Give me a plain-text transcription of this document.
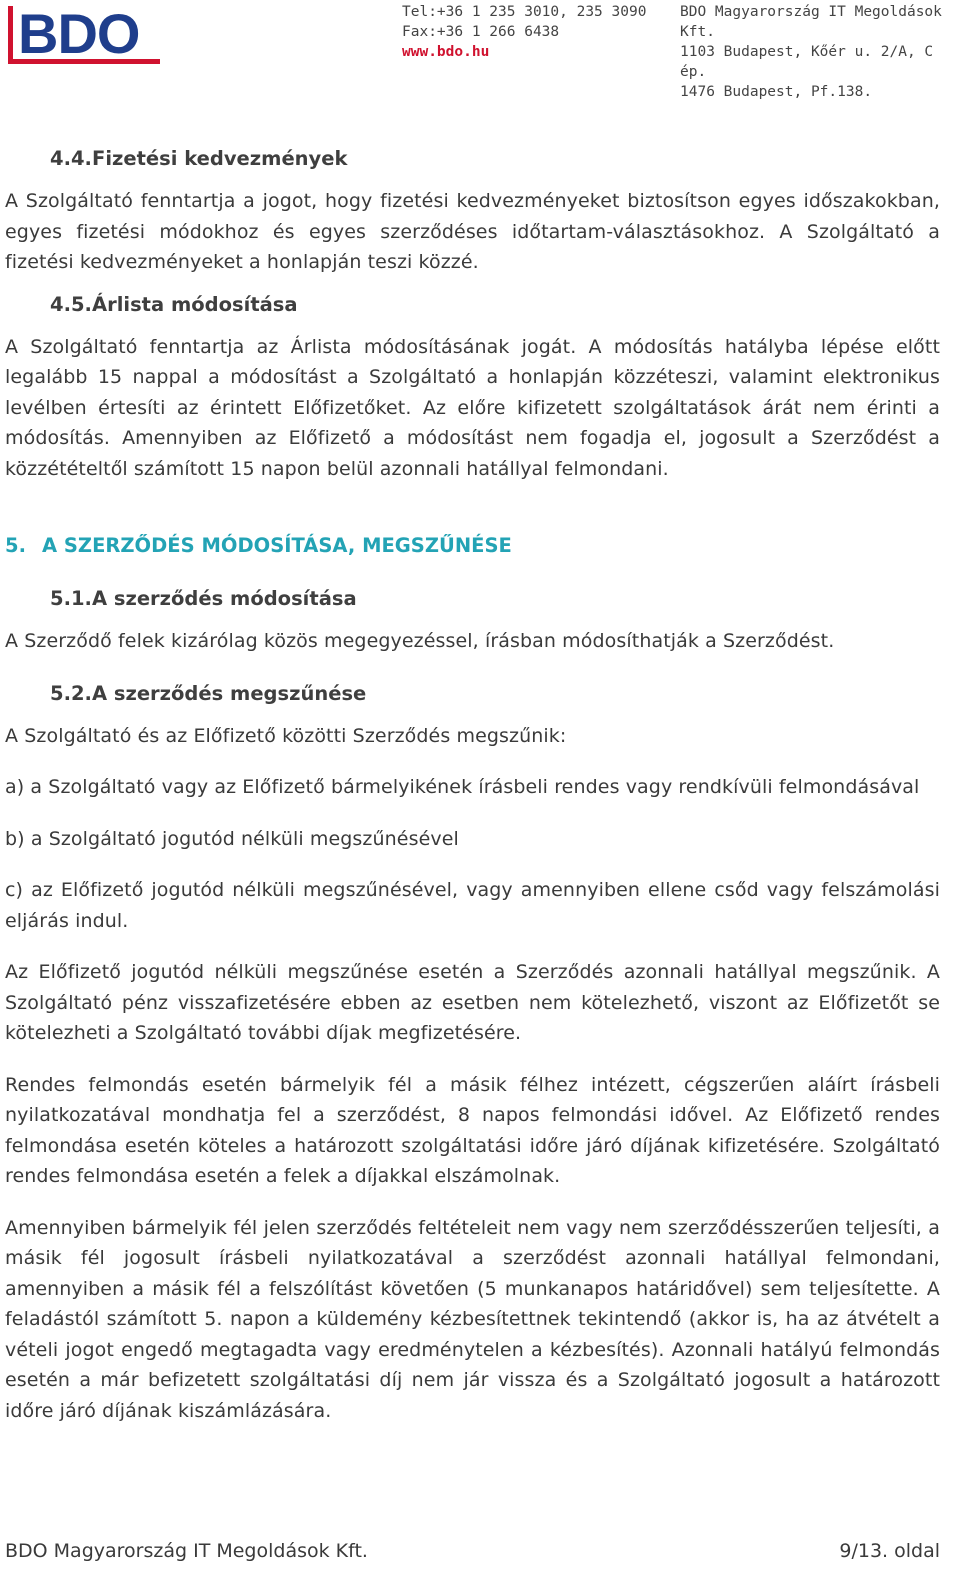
BDO	Tel:+36 1 235 3010, 235 3090
Fax:+36 1 266 6438
www.bdo.hu
BDO Magyarország IT Megoldások Kft.
1103 Budapest, Kőér u. 2/A, C ép.
1476 Budapest, Pf.138.
4.4.Fizetési kedvezmények

A Szolgáltató fenntartja a jogot, hogy fizetési kedvezményeket biztosítson egyes időszakokban, egyes fizetési módokhoz és egyes szerződéses időtartam-választásokhoz. A Szolgáltató a fizetési kedvezményeket a honlapján teszi közzé.

4.5.Árlista módosítása

A Szolgáltató fenntartja az Árlista módosításának jogát. A módosítás hatályba lépése előtt legalább 15 nappal a módosítást a Szolgáltató a honlapján közzéteszi, valamint elektronikus levélben értesíti az érintett Előfizetőket. Az előre kifizetett szolgáltatások árát nem érinti a módosítás. Amennyiben az Előfizető a módosítást nem fogadja el, jogosult a Szerződést a közzétételtől számított 15 napon belül azonnali hatállyal felmondani.

5. A SZERZŐDÉS MÓDOSÍTÁSA, MEGSZŰNÉSE
5.1.A szerződés módosítása

A Szerződő felek kizárólag közös megegyezéssel, írásban módosíthatják a Szerződést.

5.2.A szerződés megszűnése

A Szolgáltató és az Előfizető közötti Szerződés megszűnik:

a) a Szolgáltató vagy az Előfizető bármelyikének írásbeli rendes vagy rendkívüli felmondásával

b) a Szolgáltató jogutód nélküli megszűnésével

c) az Előfizető jogutód nélküli megszűnésével, vagy amennyiben ellene csőd vagy felszámolási eljárás indul.

Az Előfizető jogutód nélküli megszűnése esetén a Szerződés azonnali hatállyal megszűnik. A Szolgáltató pénz visszafizetésére ebben az esetben nem kötelezhető, viszont az Előfizetőt se kötelezheti a Szolgáltató további díjak megfizetésére.

Rendes felmondás esetén bármelyik fél a másik félhez intézett, cégszerűen aláírt írásbeli nyilatkozatával mondhatja fel a szerződést, 8 napos felmondási idővel. Az Előfizető rendes felmondása esetén köteles a határozott szolgáltatási időre járó díjának kifizetésére. Szolgáltató rendes felmondása esetén a felek a díjakkal elszámolnak.

Amennyiben bármelyik fél jelen szerződés feltételeit nem vagy nem szerződésszerűen teljesíti, a másik fél jogosult írásbeli nyilatkozatával a szerződést azonnali hatállyal felmondani, amennyiben a másik fél a felszólítást követően (5 munkanapos határidővel) sem teljesítette. A feladástól számított 5. napon a küldemény kézbesítettnek tekintendő (akkor is, ha az átvételt a vételi jogot engedő megtagadta vagy eredménytelen a kézbesítés). Azonnali hatályú felmondás esetén a már befizetett szolgáltatási díj nem jár vissza és a Szolgáltató jogosult a határozott időre járó díjának kiszámlázására.

BDO Magyarország IT Megoldások Kft.	9/13. oldal
